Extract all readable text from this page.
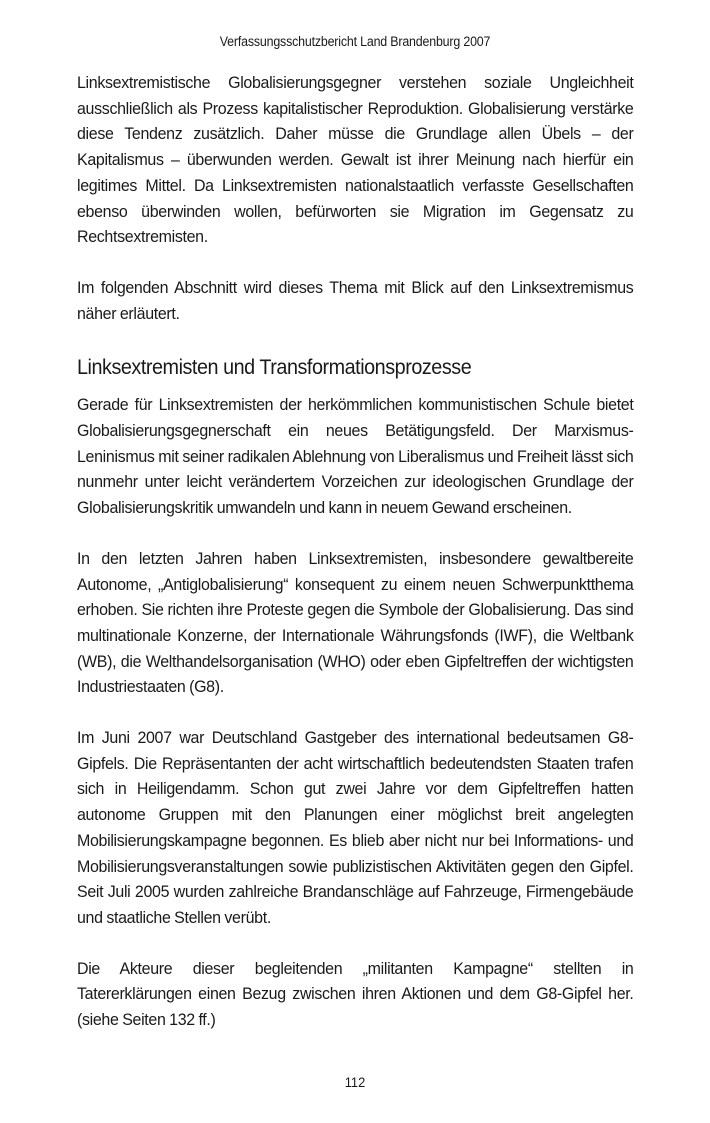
Verfassungsschutzbericht Land Brandenburg 2007

Linksextremistische Globalisierungsgegner verstehen soziale Ungleichheit ausschließlich als Prozess kapitalistischer Reproduktion. Globalisierung verstärke diese Tendenz zusätzlich. Daher müsse die Grundlage allen Übels – der Kapitalismus – überwunden werden. Gewalt ist ihrer Meinung nach hierfür ein legitimes Mittel. Da Linksextremisten nationalstaatlich verfasste Gesellschaften ebenso überwinden wollen, befürworten sie Migration im Gegensatz zu Rechtsextremisten.

Im folgenden Abschnitt wird dieses Thema mit Blick auf den Linksextremismus näher erläutert.

Linksextremisten und Transformationsprozesse

Gerade für Linksextremisten der herkömmlichen kommunistischen Schule bietet Globalisierungsgegnerschaft ein neues Betätigungsfeld. Der Marxismus-Leninismus mit seiner radikalen Ablehnung von Liberalismus und Freiheit lässt sich nunmehr unter leicht verändertem Vorzeichen zur ideologischen Grundlage der Globalisierungskritik umwandeln und kann in neuem Gewand erscheinen.

In den letzten Jahren haben Linksextremisten, insbesondere gewaltbereite Autonome, „Antiglobalisierung“ konsequent zu einem neuen Schwerpunktthema erhoben. Sie richten ihre Proteste gegen die Symbole der Globalisierung. Das sind multinationale Konzerne, der Internationale Währungsfonds (IWF), die Weltbank (WB), die Welthandelsorganisation (WHO) oder eben Gipfeltreffen der wichtigsten Industriestaaten (G8).

Im Juni 2007 war Deutschland Gastgeber des international bedeutsamen G8-Gipfels. Die Repräsentanten der acht wirtschaftlich bedeutendsten Staaten trafen sich in Heiligendamm. Schon gut zwei Jahre vor dem Gipfeltreffen hatten autonome Gruppen mit den Planungen einer möglichst breit angelegten Mobilisierungskampagne begonnen. Es blieb aber nicht nur bei Informations- und Mobilisierungsveranstaltungen sowie publizistischen Aktivitäten gegen den Gipfel. Seit Juli 2005 wurden zahlreiche Brandanschläge auf Fahrzeuge, Firmengebäude und staatliche Stellen verübt.

Die Akteure dieser begleitenden „militanten Kampagne“ stellten in Tatererklärungen einen Bezug zwischen ihren Aktionen und dem G8-Gipfel her. (siehe Seiten 132 ff.)

112
